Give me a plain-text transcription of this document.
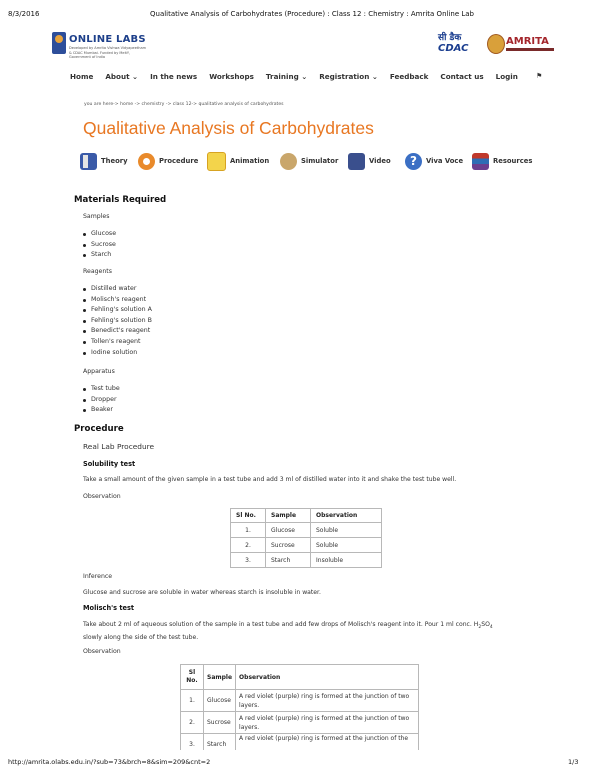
8/3/2016	Qualitative Analysis of Carbohydrates (Procedure) : Class 12 : Chemistry : Amrita Online Lab
ONLINE LABS
Developed by Amrita Vishwa Vidyapeetham & CDAC Mumbai. Funded by MeitY, Government of India
सी डैक
CDAC
AMRITA
Home About ⌄ In the news Workshops Training ⌄ Registration ⌄ Feedback Contact us Login	⚑
you are here-> home -> chemistry -> class 12-> qualitative analysis of carbohydrates
Qualitative Analysis of Carbohydrates
Theory	Procedure	Animation	Simulator	Video	?	Viva Voce	Resources
Materials Required
Samples
Glucose
Sucrose
Starch
Reagents
Distilled water
Molisch's reagent
Fehling's solution A
Fehling's solution B
Benedict's reagent
Tollen's reagent
Iodine solution
Apparatus
Test tube
Dropper
Beaker
Procedure
Real Lab Procedure
Solubility test
Take a small amount of the given sample in a test tube and add 3 ml of distilled water into it and shake the test tube well.
Observation
Sl No.	Sample	Observation
1.	Glucose	Soluble
2.	Sucrose	Soluble
3.	Starch	Insoluble
Inference
Glucose and sucrose are soluble in water whereas starch is insoluble in water.
Molisch's test
Take about 2 ml of aqueous solution of the sample in a test tube and add few drops of Molisch's reagent into it. Pour 1 ml conc. $H_2SO_4$
slowly along the side of the test tube.
Observation
Sl No.	Sample	Observation
1.	Glucose	A red violet (purple) ring is formed at the junction of two layers.
2.	Sucrose	A red violet (purple) ring is formed at the junction of two layers.
3.	Starch	A red violet (purple) ring is formed at the junction of the
http://amrita.olabs.edu.in/?sub=73&brch=8&sim=209&cnt=2	1/3
